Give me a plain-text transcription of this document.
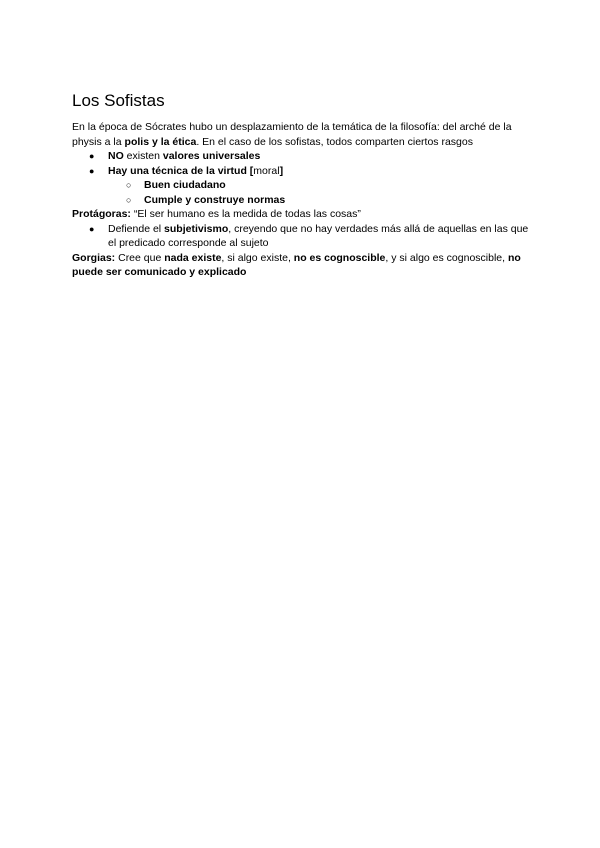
Los Sofistas

En la época de Sócrates hubo un desplazamiento de la temática de la filosofía: del arché de la physis a la polis y la ética. En el caso de los sofistas, todos comparten ciertos rasgos

● NO existen valores universales
● Hay una técnica de la virtud [moral]
○ Buen ciudadano
○ Cumple y construye normas

Protágoras: “El ser humano es la medida de todas las cosas”

● Defiende el subjetivismo, creyendo que no hay verdades más allá de aquellas en las que el predicado corresponde al sujeto

Gorgias: Cree que nada existe, si algo existe, no es cognoscible, y si algo es cognoscible, no puede ser comunicado y explicado
